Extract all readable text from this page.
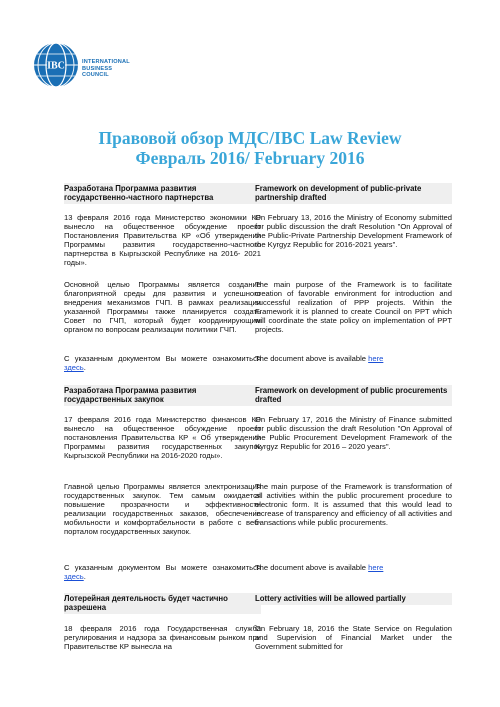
IBC	INTERNATIONAL
BUSINESS
COUNCIL
Правовой обзор МДС/IBC Law Review
Февраль 2016/ February 2016
Разработана Программа развития государственно-частного партнерства
Framework on development of public-private partnership drafted
13 февраля 2016 года Министерство экономики КР вынесло на общественное обсуждение проект Постановления Правительства КР «Об утверждении Программы развития государственно-частного партнерства в Кыргызской Республике на 2016- 2021 годы».
On February 13, 2016 the Ministry of Economy submitted for public discussion the draft Resolution "On Approval of the Public-Private Partnership Development Framework of the Kyrgyz Republic for 2016-2021 years".
Основной целью Программы является создание благоприятной среды для развития и успешного внедрения механизмов ГЧП. В рамках реализации указанной Программы также планируется создать Совет по ГЧП, который будет координирующим органом по вопросам реализации политики ГЧП.
The main purpose of the Framework is to facilitate creation of favorable environment for introduction and successful realization of PPP projects. Within the Framework it is planned to create Council on PPT which will coordinate the state policy on implementation of PPT projects.
С указанным документом Вы можете ознакомиться здесь.
The document above is available here
Разработана Программа развития государственных закупок
Framework on development of public procurements drafted
17 февраля 2016 года Министерство финансов КР вынесло на общественное обсуждение проект постановления Правительства КР « Об утверждении Программы развития государственных закупок Кыргызской Республики на 2016-2020 годы».
On February 17, 2016 the Ministry of Finance submitted for public discussion the draft Resolution "On Approval of the Public Procurement Development Framework of the Kyrgyz Republic for 2016 – 2020 years".
Главной целью Программы является электронизация государственных закупок. Тем самым ожидается повышение прозрачности и эффективности реализации государственных заказов, обеспечение мобильности и комфортабельности в работе с веб-порталом государственных закупок.
The main purpose of the Framework is transformation of all activities within the public procurement procedure to electronic form. It is assumed that this would lead to increase of transparency and efficiency of all activities and transactions while public procurements.
С указанным документом Вы можете ознакомиться здесь.
The document above is available here
Лотерейная деятельность будет частично разрешена
Lottery activities will be allowed partially
18 февраля 2016 года Государственная служба регулирования и надзора за финансовым рынком при Правительстве КР вынесла на
On February 18, 2016 the State Service on Regulation and Supervision of Financial Market under the Government submitted for
